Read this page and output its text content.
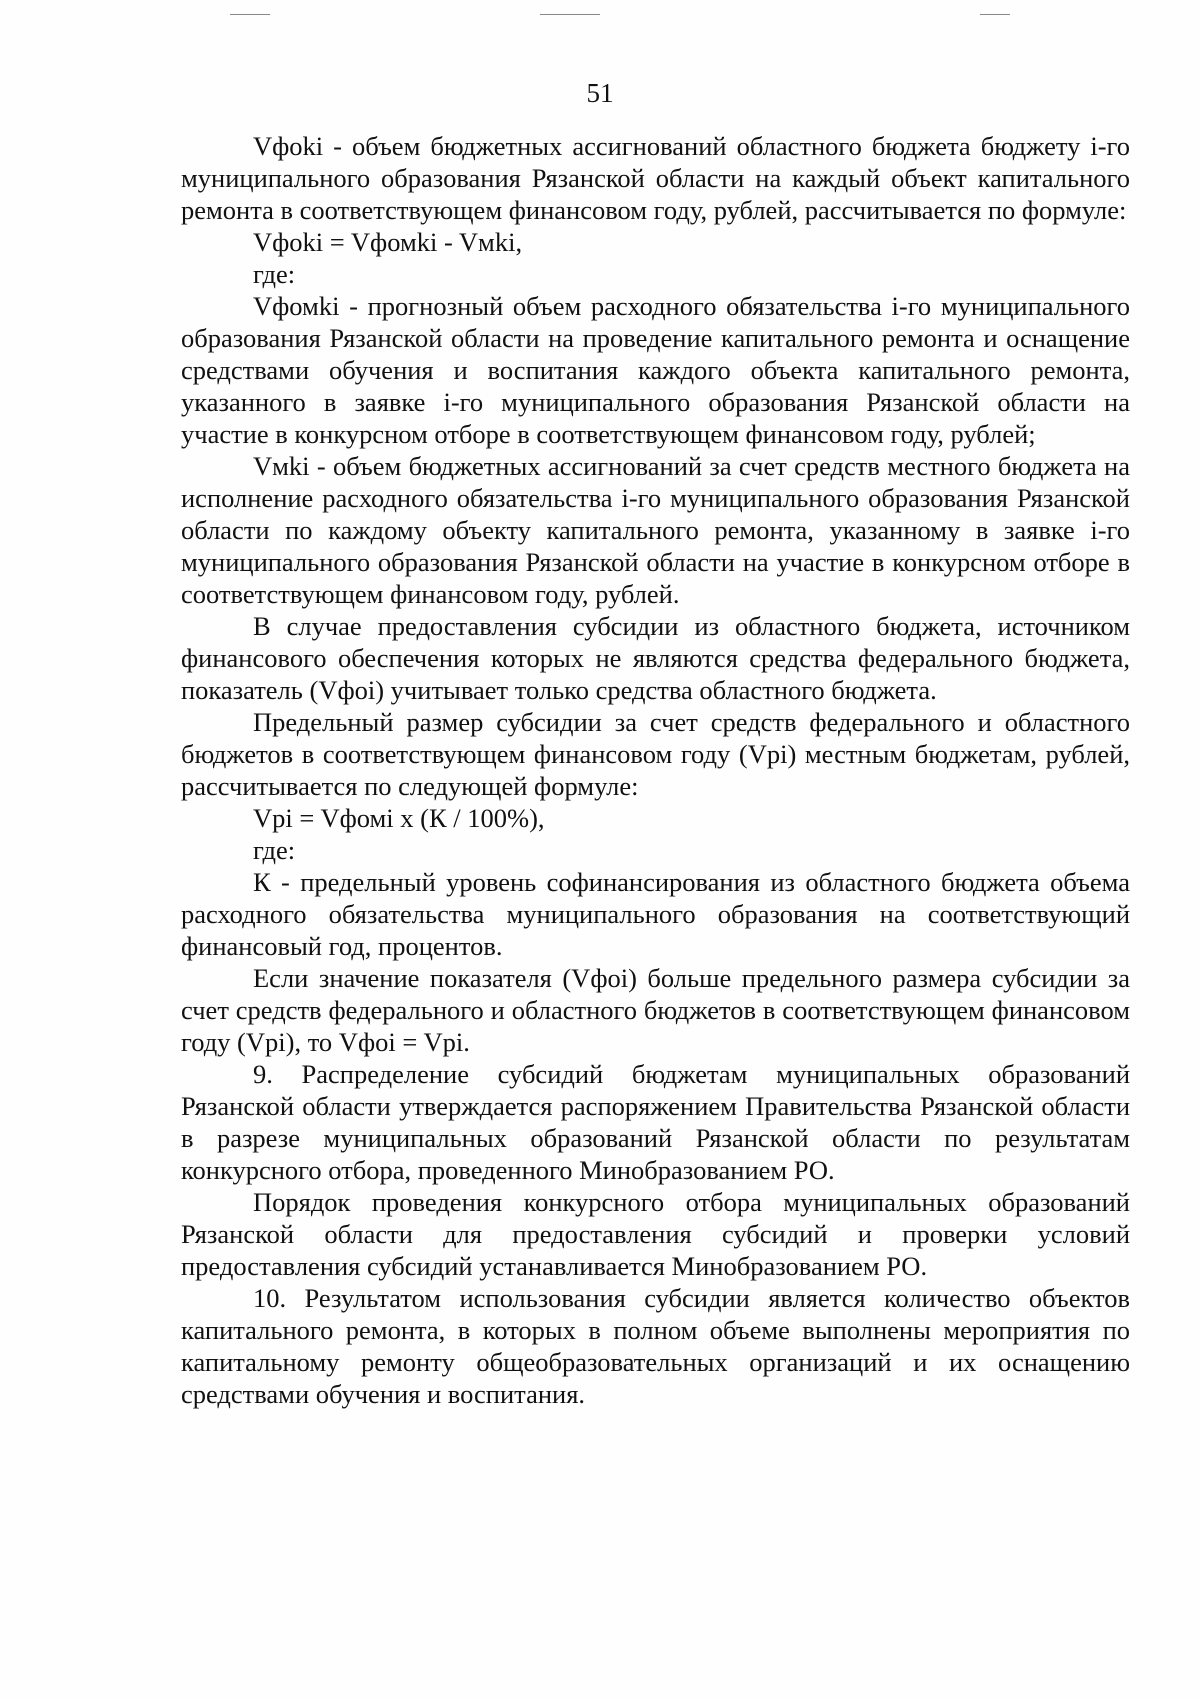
51

Vфоki - объем бюджетных ассигнований областного бюджета бюджету i-го муниципального образования Рязанской области на каждый объект капитального ремонта в соответствующем финансовом году, рублей, рассчитывается по формуле:

Vфоki = Vфомki - Vмki,

где:

Vфомki - прогнозный объем расходного обязательства i-го муниципального образования Рязанской области на проведение капитального ремонта и оснащение средствами обучения и воспитания каждого объекта капитального ремонта, указанного в заявке i-го муниципального образования Рязанской области на участие в конкурсном отборе в соответствующем финансовом году, рублей;

Vмki - объем бюджетных ассигнований за счет средств местного бюджета на исполнение расходного обязательства i-го муниципального образования Рязанской области по каждому объекту капитального ремонта, указанному в заявке i-го муниципального образования Рязанской области на участие в конкурсном отборе в соответствующем финансовом году, рублей.

В случае предоставления субсидии из областного бюджета, источником финансового обеспечения которых не являются средства федерального бюджета, показатель (Vфоi) учитывает только средства областного бюджета.

Предельный размер субсидии за счет средств федерального и областного бюджетов в соответствующем финансовом году (Vpi) местным бюджетам, рублей, рассчитывается по следующей формуле:

Vpi = Vфомi x (К / 100%),

где:

К - предельный уровень софинансирования из областного бюджета объема расходного обязательства муниципального образования на соответствующий финансовый год, процентов.

Если значение показателя (Vфоi) больше предельного размера субсидии за счет средств федерального и областного бюджетов в соответствующем финансовом году (Vpi), то Vфоi = Vpi.

9. Распределение субсидий бюджетам муниципальных образований Рязанской области утверждается распоряжением Правительства Рязанской области в разрезе муниципальных образований Рязанской области по результатам конкурсного отбора, проведенного Минобразованием РО.

Порядок проведения конкурсного отбора муниципальных образований Рязанской области для предоставления субсидий и проверки условий предоставления субсидий устанавливается Минобразованием РО.

10. Результатом использования субсидии является количество объектов капитального ремонта, в которых в полном объеме выполнены мероприятия по капитальному ремонту общеобразовательных организаций и их оснащению средствами обучения и воспитания.
